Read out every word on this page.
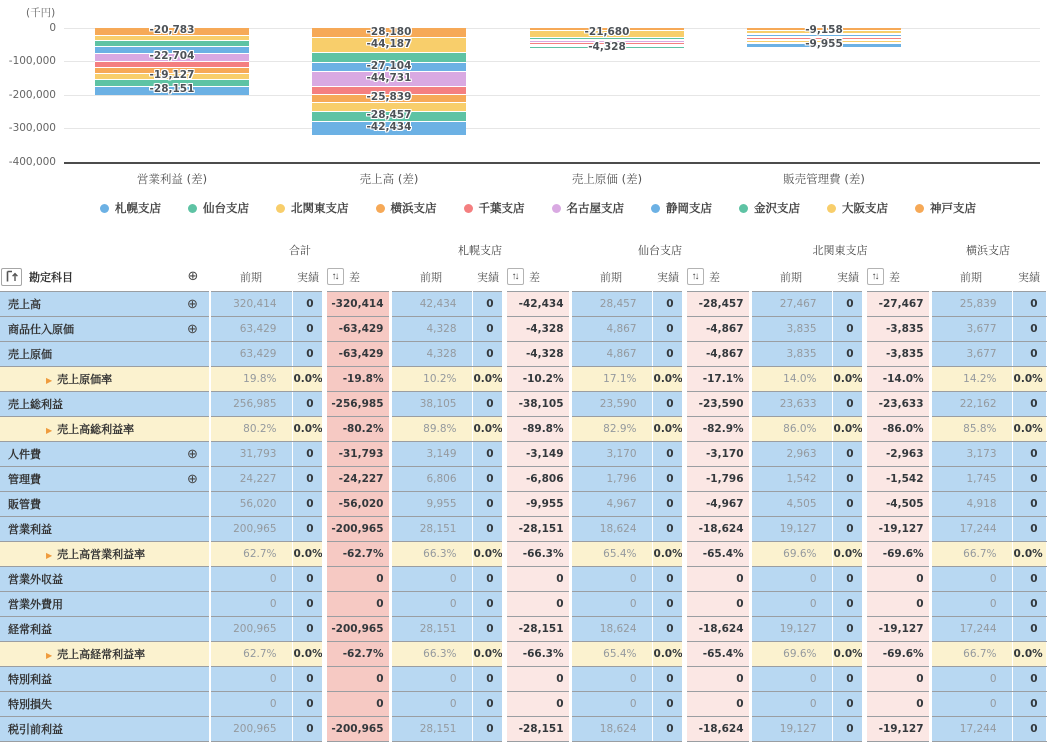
(千円)
0
-100,000
-200,000
-300,000
-400,000
-20,783
-22,704
-19,127
-28,151
営業利益 (差)
-28,180
-44,187
-27,104
-44,731
-25,839
-28,457
-42,434
売上高 (差)
-21,680
-4,328
売上原価 (差)
-9,158
-9,955
販売管理費 (差)
札幌支店	仙台支店	北関東支店	横浜支店	千葉支店	名古屋支店	静岡支店	金沢支店	大阪支店	神戸支店
		合計			札幌支店			仙台支店			北関東支店			横浜支店	

勘定科目	⊕	前期	実績	↑↓ 差	前期	実績	↑↓ 差	前期	実績	↑↓ 差	前期	実績	↑↓ 差	前期	実績
売上高	⊕	320,414	0	-320,414	42,434	0	-42,434	28,457	0	-28,457	27,467	0	-27,467	25,839	0
商品仕入原価	⊕	63,429	0	-63,429	4,328	0	-4,328	4,867	0	-4,867	3,835	0	-3,835	3,677	0
売上原価		63,429	0	-63,429	4,328	0	-4,328	4,867	0	-4,867	3,835	0	-3,835	3,677	0
▶ 売上原価率		19.8%	0.0%	-19.8%	10.2%	0.0%	-10.2%	17.1%	0.0%	-17.1%	14.0%	0.0%	-14.0%	14.2%	0.0%
売上総利益		256,985	0	-256,985	38,105	0	-38,105	23,590	0	-23,590	23,633	0	-23,633	22,162	0
▶ 売上高総利益率		80.2%	0.0%	-80.2%	89.8%	0.0%	-89.8%	82.9%	0.0%	-82.9%	86.0%	0.0%	-86.0%	85.8%	0.0%
人件費	⊕	31,793	0	-31,793	3,149	0	-3,149	3,170	0	-3,170	2,963	0	-2,963	3,173	0
管理費	⊕	24,227	0	-24,227	6,806	0	-6,806	1,796	0	-1,796	1,542	0	-1,542	1,745	0
販管費		56,020	0	-56,020	9,955	0	-9,955	4,967	0	-4,967	4,505	0	-4,505	4,918	0
営業利益		200,965	0	-200,965	28,151	0	-28,151	18,624	0	-18,624	19,127	0	-19,127	17,244	0
▶ 売上高営業利益率		62.7%	0.0%	-62.7%	66.3%	0.0%	-66.3%	65.4%	0.0%	-65.4%	69.6%	0.0%	-69.6%	66.7%	0.0%
営業外収益		0	0	0	0	0	0	0	0	0	0	0	0	0	0
営業外費用		0	0	0	0	0	0	0	0	0	0	0	0	0	0
経常利益		200,965	0	-200,965	28,151	0	-28,151	18,624	0	-18,624	19,127	0	-19,127	17,244	0
▶ 売上高経常利益率		62.7%	0.0%	-62.7%	66.3%	0.0%	-66.3%	65.4%	0.0%	-65.4%	69.6%	0.0%	-69.6%	66.7%	0.0%
特別利益		0	0	0	0	0	0	0	0	0	0	0	0	0	0
特別損失		0	0	0	0	0	0	0	0	0	0	0	0	0	0
税引前利益		200,965	0	-200,965	28,151	0	-28,151	18,624	0	-18,624	19,127	0	-19,127	17,244	0
